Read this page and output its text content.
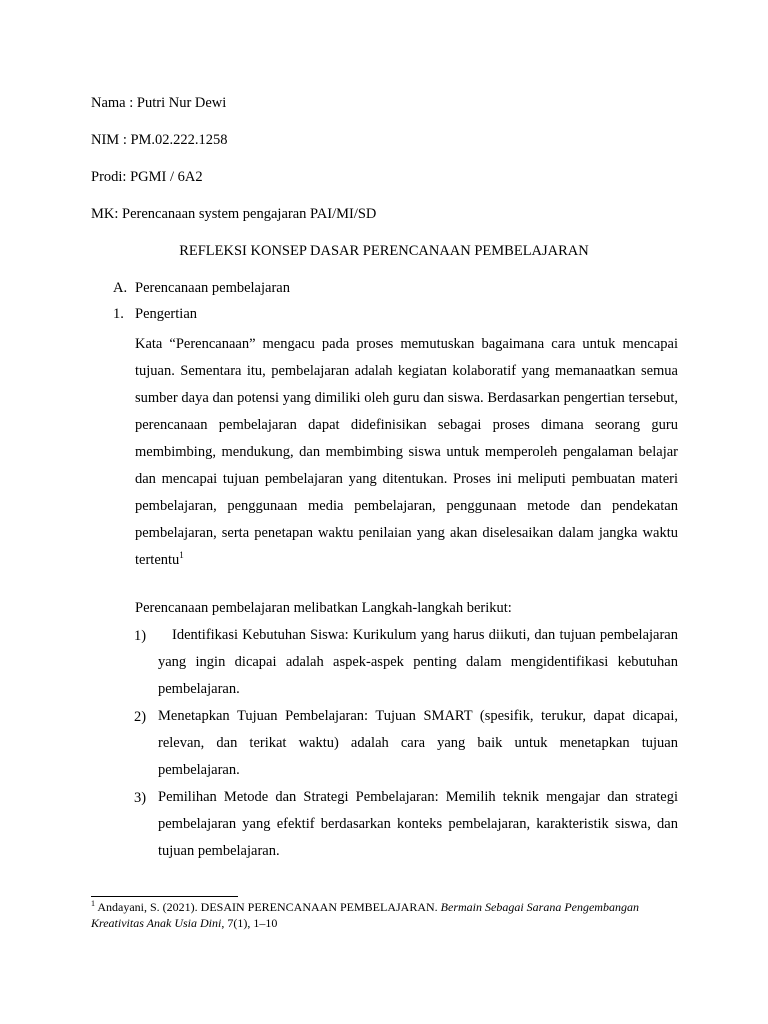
Nama : Putri Nur Dewi
NIM : PM.02.222.1258
Prodi: PGMI / 6A2
MK: Perencanaan system pengajaran PAI/MI/SD
REFLEKSI KONSEP DASAR PERENCANAAN PEMBELAJARAN
A. Perencanaan pembelajaran
1. Pengertian
Kata “Perencanaan” mengacu pada proses memutuskan bagaimana cara untuk mencapai tujuan. Sementara itu, pembelajaran adalah kegiatan kolaboratif yang memanaatkan semua sumber daya dan potensi yang dimiliki oleh guru dan siswa. Berdasarkan pengertian tersebut, perencanaan pembelajaran dapat didefinisikan sebagai proses dimana seorang guru membimbing, mendukung, dan membimbing siswa untuk memperoleh pengalaman belajar dan mencapai tujuan pembelajaran yang ditentukan. Proses ini meliputi pembuatan materi pembelajaran, penggunaan media pembelajaran, penggunaan metode dan pendekatan pembelajaran, serta penetapan waktu penilaian yang akan diselesaikan dalam jangka waktu tertentu$^1$
Perencanaan pembelajaran melibatkan Langkah-langkah berikut:
1)	Identifikasi Kebutuhan Siswa: Kurikulum yang harus diikuti, dan tujuan pembelajaran yang ingin dicapai adalah aspek-aspek penting dalam mengidentifikasi kebutuhan pembelajaran.
2) Menetapkan Tujuan Pembelajaran: Tujuan SMART (spesifik, terukur, dapat dicapai, relevan, dan terikat waktu) adalah cara yang baik untuk menetapkan tujuan pembelajaran.
3) Pemilihan Metode dan Strategi Pembelajaran: Memilih teknik mengajar dan strategi pembelajaran yang efektif berdasarkan konteks pembelajaran, karakteristik siswa, dan tujuan pembelajaran.
$^1$ Andayani, S. (2021). DESAIN PERENCANAAN PEMBELAJARAN. Bermain Sebagai Sarana Pengembangan Kreativitas Anak Usia Dini, 7(1), 1–10
